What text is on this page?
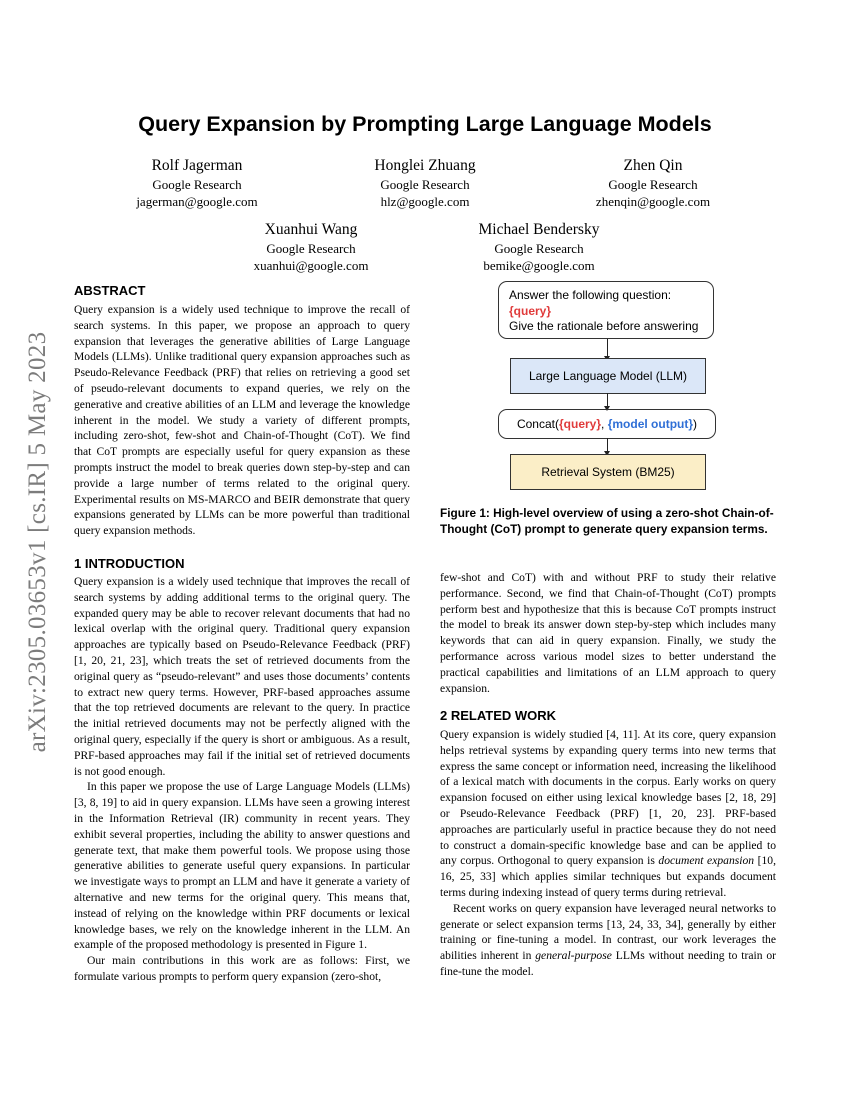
arXiv:2305.03653v1 [cs.IR] 5 May 2023
Query Expansion by Prompting Large Language Models
Rolf Jagerman
Google Research
jagerman@google.com
Honglei Zhuang
Google Research
hlz@google.com
Zhen Qin
Google Research
zhenqin@google.com
Xuanhui Wang
Google Research
xuanhui@google.com
Michael Bendersky
Google Research
bemike@google.com
ABSTRACT

Query expansion is a widely used technique to improve the recall of search systems. In this paper, we propose an approach to query expansion that leverages the generative abilities of Large Language Models (LLMs). Unlike traditional query expansion approaches such as Pseudo-Relevance Feedback (PRF) that relies on retrieving a good set of pseudo-relevant documents to expand queries, we rely on the generative and creative abilities of an LLM and leverage the knowledge inherent in the model. We study a variety of different prompts, including zero-shot, few-shot and Chain-of-Thought (CoT). We find that CoT prompts are especially useful for query expansion as these prompts instruct the model to break queries down step-by-step and can provide a large number of terms related to the original query. Experimental results on MS-MARCO and BEIR demonstrate that query expansions generated by LLMs can be more powerful than traditional query expansion methods.

1 INTRODUCTION

Query expansion is a widely used technique that improves the recall of search systems by adding additional terms to the original query. The expanded query may be able to recover relevant documents that had no lexical overlap with the original query. Traditional query expansion approaches are typically based on Pseudo-Relevance Feedback (PRF) [1, 20, 21, 23], which treats the set of retrieved documents from the original query as “pseudo-relevant” and uses those documents’ contents to extract new query terms. However, PRF-based approaches assume that the top retrieved documents are relevant to the query. In practice the initial retrieved documents may not be perfectly aligned with the original query, especially if the query is short or ambiguous. As a result, PRF-based approaches may fail if the initial set of retrieved documents is not good enough.

In this paper we propose the use of Large Language Models (LLMs) [3, 8, 19] to aid in query expansion. LLMs have seen a growing interest in the Information Retrieval (IR) community in recent years. They exhibit several properties, including the ability to answer questions and generate text, that make them powerful tools. We propose using those generative abilities to generate useful query expansions. In particular we investigate ways to prompt an LLM and have it generate a variety of alternative and new terms for the original query. This means that, instead of relying on the knowledge within PRF documents or lexical knowledge bases, we rely on the knowledge inherent in the LLM. An example of the proposed methodology is presented in Figure 1.

Our main contributions in this work are as follows: First, we formulate various prompts to perform query expansion (zero-shot,

Answer the following question:
{query}
Give the rationale before answering
Large Language Model (LLM)
Concat( {query} , {model output} )
Retrieval System (BM25)
Figure 1: High-level overview of using a zero-shot Chain-of-Thought (CoT) prompt to generate query expansion terms.

few-shot and CoT) with and without PRF to study their relative performance. Second, we find that Chain-of-Thought (CoT) prompts perform best and hypothesize that this is because CoT prompts instruct the model to break its answer down step-by-step which includes many keywords that can aid in query expansion. Finally, we study the performance across various model sizes to better understand the practical capabilities and limitations of an LLM approach to query expansion.

2 RELATED WORK

Query expansion is widely studied [4, 11]. At its core, query expansion helps retrieval systems by expanding query terms into new terms that express the same concept or information need, increasing the likelihood of a lexical match with documents in the corpus. Early works on query expansion focused on either using lexical knowledge bases [2, 18, 29] or Pseudo-Relevance Feedback (PRF) [1, 20, 23]. PRF-based approaches are particularly useful in practice because they do not need to construct a domain-specific knowledge base and can be applied to any corpus. Orthogonal to query expansion is document expansion [10, 16, 25, 33] which applies similar techniques but expands document terms during indexing instead of query terms during retrieval.

Recent works on query expansion have leveraged neural networks to generate or select expansion terms [13, 24, 33, 34], generally by either training or fine-tuning a model. In contrast, our work leverages the abilities inherent in general-purpose LLMs without needing to train or fine-tune the model.
